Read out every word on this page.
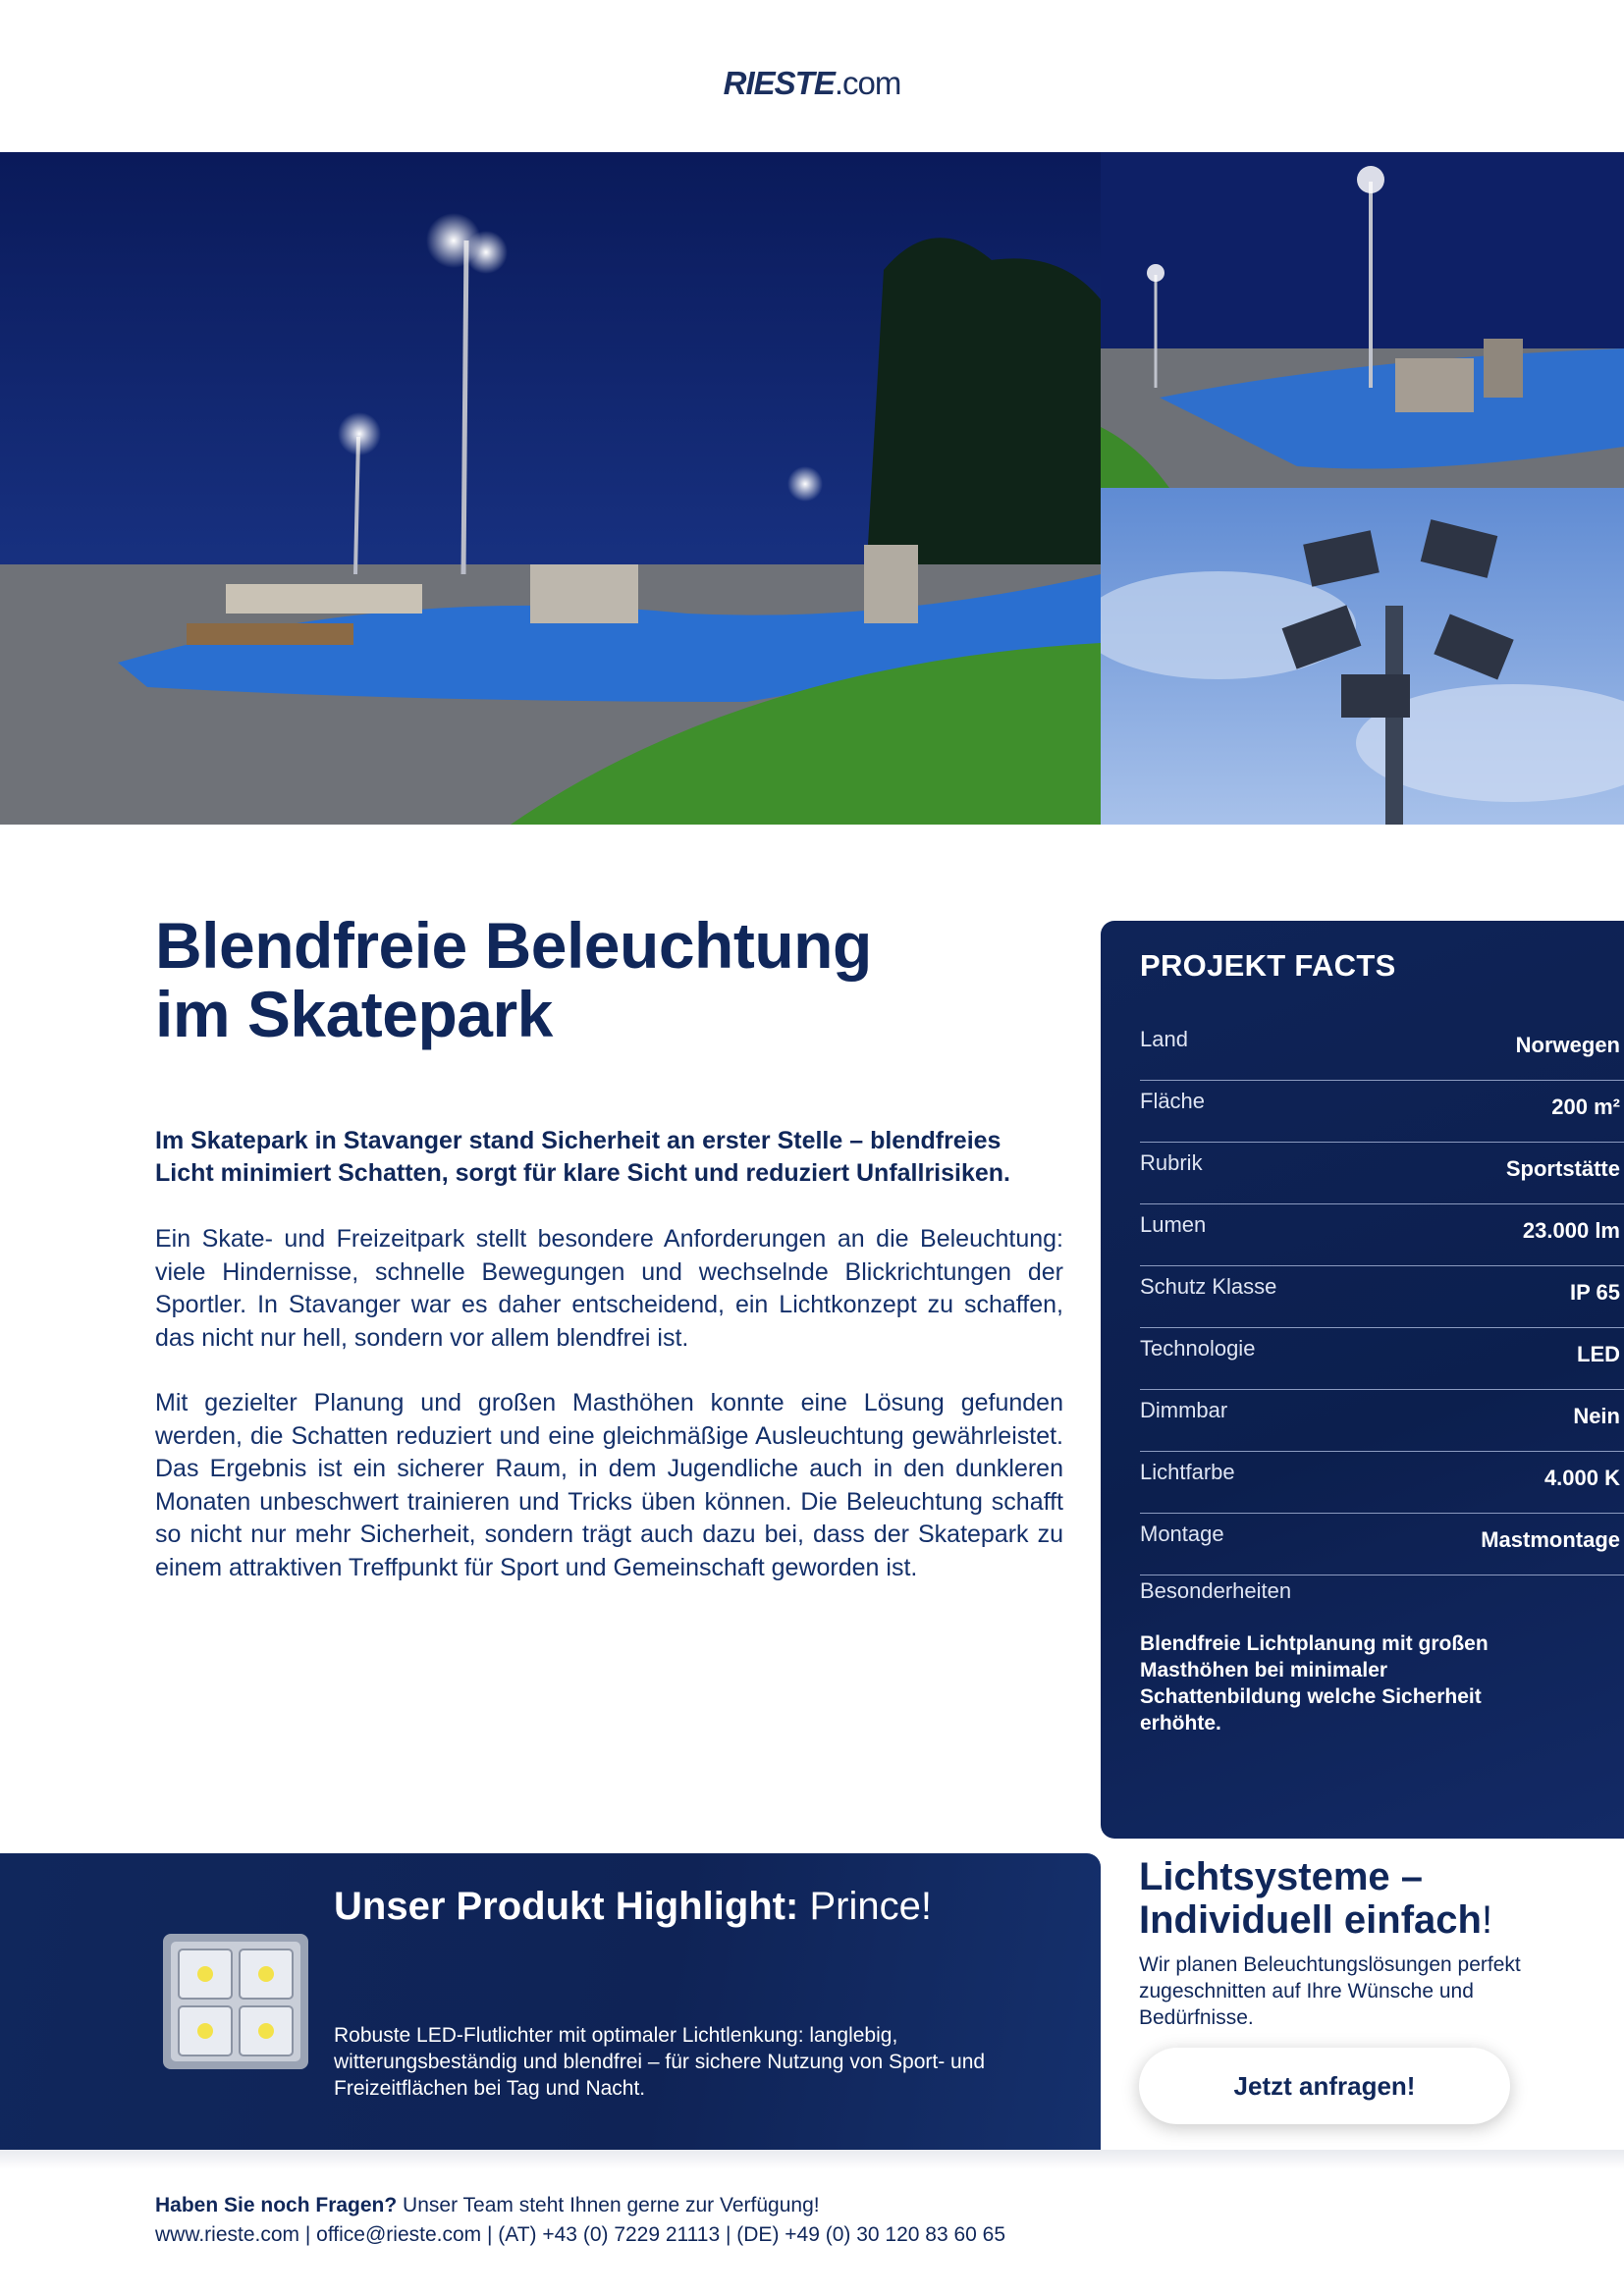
RIESTE.com
Blendfreie Beleuchtung
im Skatepark
Im Skatepark in Stavanger stand Sicherheit an erster Stelle – blendfreies Licht minimiert Schatten, sorgt für klare Sicht und reduziert Unfallrisiken.
Ein Skate- und Freizeitpark stellt besondere Anforderungen an die Beleuchtung: viele Hindernisse, schnelle Bewegungen und wechselnde Blickrichtungen der Sportler. In Stavanger war es daher entscheidend, ein Lichtkonzept zu schaffen, das nicht nur hell, sondern vor allem blendfrei ist.
Mit gezielter Planung und großen Masthöhen konnte eine Lösung gefunden werden, die Schatten reduziert und eine gleichmäßige Ausleuchtung gewährleistet. Das Ergebnis ist ein sicherer Raum, in dem Jugendliche auch in den dunkleren Monaten unbeschwert trainieren und Tricks üben können. Die Beleuchtung schafft so nicht nur mehr Sicherheit, sondern trägt auch dazu bei, dass der Skatepark zu einem attraktiven Treffpunkt für Sport und Gemeinschaft geworden ist.
PROJEKT FACTS
Land	Norwegen
Fläche	200 m²
Rubrik	Sportstätte
Lumen	23.000 lm
Schutz Klasse	IP 65
Technologie	LED
Dimmbar	Nein
Lichtfarbe	4.000 K
Montage	Mastmontage
Besonderheiten
Blendfreie Lichtplanung mit großen Masthöhen bei minimaler Schattenbildung welche Sicherheit erhöhte.
Unser Produkt Highlight: Prince!
Robuste LED-Flutlichter mit optimaler Lichtlenkung: langlebig, witterungsbeständig und blendfrei – für sichere Nutzung von Sport- und Freizeitflächen bei Tag und Nacht.
Lichtsysteme –
Individuell einfach!
Wir planen Beleuchtungslösungen perfekt zugeschnitten auf Ihre Wünsche und Bedürfnisse.
Jetzt anfragen!
Haben Sie noch Fragen? Unser Team steht Ihnen gerne zur Verfügung!
www.rieste.com | office@rieste.com | (AT) +43 (0) 7229 21113 | (DE) +49 (0) 30 120 83 60 65
